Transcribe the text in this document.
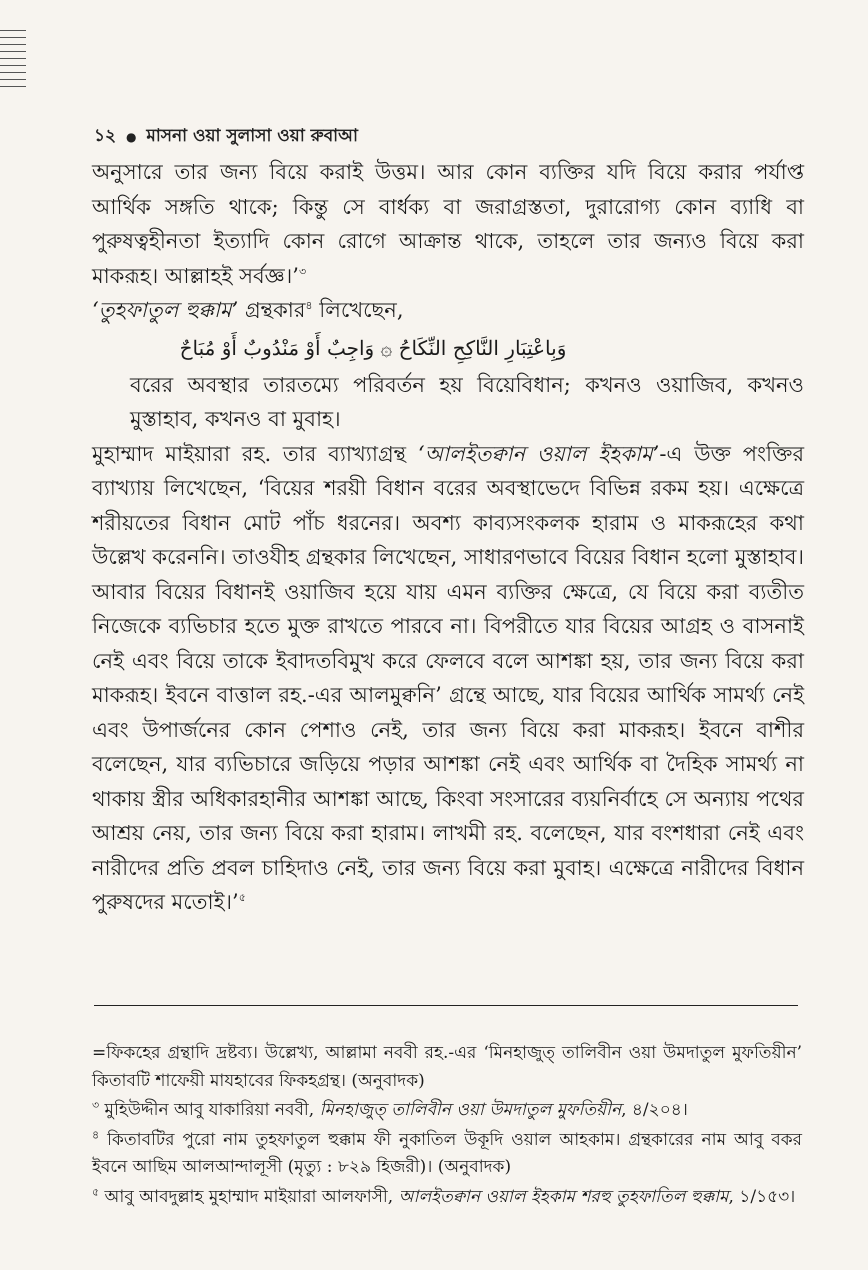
১২ ● মাসনা ওয়া সুলাসা ওয়া রুবাআ

অনুসারে তার জন্য বিয়ে করাই উত্তম। আর কোন ব্যক্তির যদি বিয়ে করার পর্যাপ্ত আর্থিক সঙ্গতি থাকে; কিন্তু সে বার্ধক্য বা জরাগ্রস্ততা, দুরারোগ্য কোন ব্যাধি বা পুরুষত্বহীনতা ইত্যাদি কোন রোগে আক্রান্ত থাকে, তাহলে তার জন্যও বিয়ে করা মাকরূহ। আল্লাহই সর্বজ্ঞ।’$^৩$

‘তুহফাতুল হুক্কাম’ গ্রন্থকার$^৪$ লিখেছেন,

وَبِاعْتِبَارِ النَّاكِحِ النِّكَاحُ ۞ وَاجِبٌ أَوْ مَنْدُوبٌ أَوْ مُبَاحٌ

বরের অবস্থার তারতম্যে পরিবর্তন হয় বিয়েবিধান; কখনও ওয়াজিব, কখনও মুস্তাহাব, কখনও বা মুবাহ।

মুহাম্মাদ মাইয়ারা রহ. তার ব্যাখ্যাগ্রন্থ ‘আলইতক্বান ওয়াল ইহকাম’-এ উক্ত পংক্তির ব্যাখ্যায় লিখেছেন, ‘বিয়ের শরয়ী বিধান বরের অবস্থাভেদে বিভিন্ন রকম হয়। এক্ষেত্রে শরীয়তের বিধান মোট পাঁচ ধরনের। অবশ্য কাব্যসংকলক হারাম ও মাকরূহের কথা উল্লেখ করেননি। তাওযীহ গ্রন্থকার লিখেছেন, সাধারণভাবে বিয়ের বিধান হলো মুস্তাহাব। আবার বিয়ের বিধানই ওয়াজিব হয়ে যায় এমন ব্যক্তির ক্ষেত্রে, যে বিয়ে করা ব্যতীত নিজেকে ব্যভিচার হতে মুক্ত রাখতে পারবে না। বিপরীতে যার বিয়ের আগ্রহ ও বাসনাই নেই এবং বিয়ে তাকে ইবাদতবিমুখ করে ফেলবে বলে আশঙ্কা হয়, তার জন্য বিয়ে করা মাকরূহ। ইবনে বাত্তাল রহ.-এর আলমুক্বনি’ গ্রন্থে আছে, যার বিয়ের আর্থিক সামর্থ্য নেই এবং উপার্জনের কোন পেশাও নেই, তার জন্য বিয়ে করা মাকরূহ। ইবনে বাশীর বলেছেন, যার ব্যভিচারে জড়িয়ে পড়ার আশঙ্কা নেই এবং আর্থিক বা দৈহিক সামর্থ্য না থাকায় স্ত্রীর অধিকারহানীর আশঙ্কা আছে, কিংবা সংসারের ব্যয়নির্বাহে সে অন্যায় পথের আশ্রয় নেয়, তার জন্য বিয়ে করা হারাম। লাখমী রহ. বলেছেন, যার বংশধারা নেই এবং নারীদের প্রতি প্রবল চাহিদাও নেই, তার জন্য বিয়ে করা মুবাহ। এক্ষেত্রে নারীদের বিধান পুরুষদের মতোই।’$^৫$

=ফিকহের গ্রন্থাদি দ্রষ্টব্য। উল্লেখ্য, আল্লামা নববী রহ.-এর ‘মিনহাজুত্ তালিবীন ওয়া উমদাতুল মুফতিয়ীন’ কিতাবটি শাফেয়ী মাযহাবের ফিকহগ্রন্থ। (অনুবাদক)

$^৩$ মুহিউদ্দীন আবু যাকারিয়া নববী, মিনহাজুত্ তালিবীন ওয়া উমদাতুল মুফতিয়ীন, ৪/২০৪।

$^৪$ কিতাবটির পুরো নাম তুহফাতুল হুক্কাম ফী নুকাতিল উকূদি ওয়াল আহকাম। গ্রন্থকারের নাম আবু বকর ইবনে আছিম আলআন্দালূসী (মৃত্যু : ৮২৯ হিজরী)। (অনুবাদক)

$^৫$ আবু আবদুল্লাহ মুহাম্মাদ মাইয়ারা আলফাসী, আলইতক্বান ওয়াল ইহকাম শরহু তুহফাতিল হুক্কাম, ১/১৫৩।
